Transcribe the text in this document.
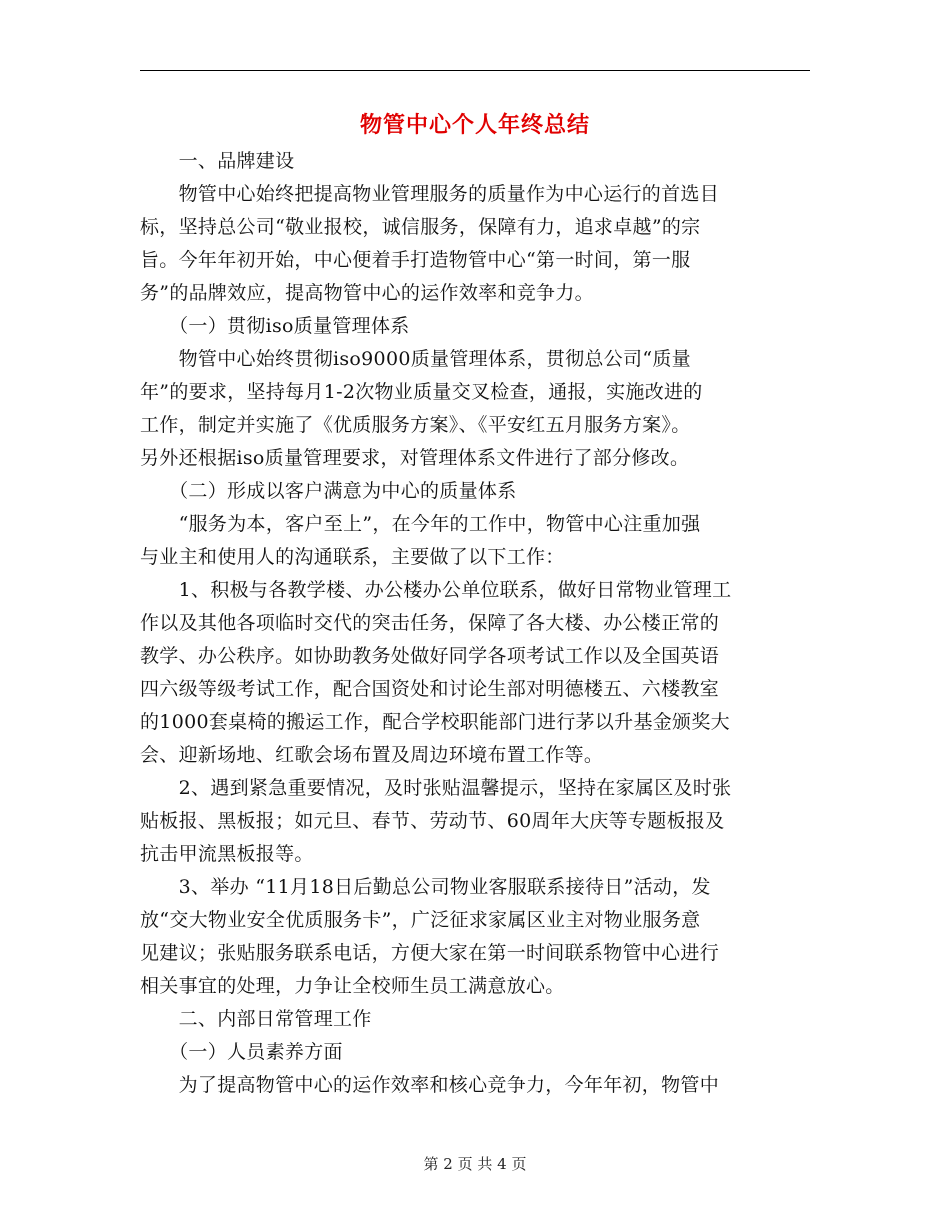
物管中心个人年终总结
　　一、品牌建设
　　物管中心始终把提高物业管理服务的质量作为中心运行的首选目
标，坚持总公司“敬业报校，诚信服务，保障有力，追求卓越”的宗
旨。今年年初开始，中心便着手打造物管中心“第一时间，第一服
务”的品牌效应，提高物管中心的运作效率和竞争力。
　　（一）贯彻iso质量管理体系
　　物管中心始终贯彻iso9000质量管理体系，贯彻总公司“质量
年”的要求，坚持每月1-2次物业质量交叉检查，通报，实施改进的
工作，制定并实施了《优质服务方案》、《平安红五月服务方案》。
另外还根据iso质量管理要求，对管理体系文件进行了部分修改。
　　（二）形成以客户满意为中心的质量体系
　　“服务为本，客户至上”，在今年的工作中，物管中心注重加强
与业主和使用人的沟通联系，主要做了以下工作：
　　1、积极与各教学楼、办公楼办公单位联系，做好日常物业管理工
作以及其他各项临时交代的突击任务，保障了各大楼、办公楼正常的
教学、办公秩序。如协助教务处做好同学各项考试工作以及全国英语
四六级等级考试工作，配合国资处和讨论生部对明德楼五、六楼教室
的1000套桌椅的搬运工作，配合学校职能部门进行茅以升基金颁奖大
会、迎新场地、红歌会场布置及周边环境布置工作等。
　　2、遇到紧急重要情况，及时张贴温馨提示，坚持在家属区及时张
贴板报、黑板报；如元旦、春节、劳动节、60周年大庆等专题板报及
抗击甲流黑板报等。
　　3、举办 “11月18日后勤总公司物业客服联系接待日”活动，发
放“交大物业安全优质服务卡”，广泛征求家属区业主对物业服务意
见建议；张贴服务联系电话，方便大家在第一时间联系物管中心进行
相关事宜的处理，力争让全校师生员工满意放心。
　　二、内部日常管理工作
　　（一）人员素养方面
　　为了提高物管中心的运作效率和核心竞争力，今年年初，物管中
第 2 页 共 4 页
